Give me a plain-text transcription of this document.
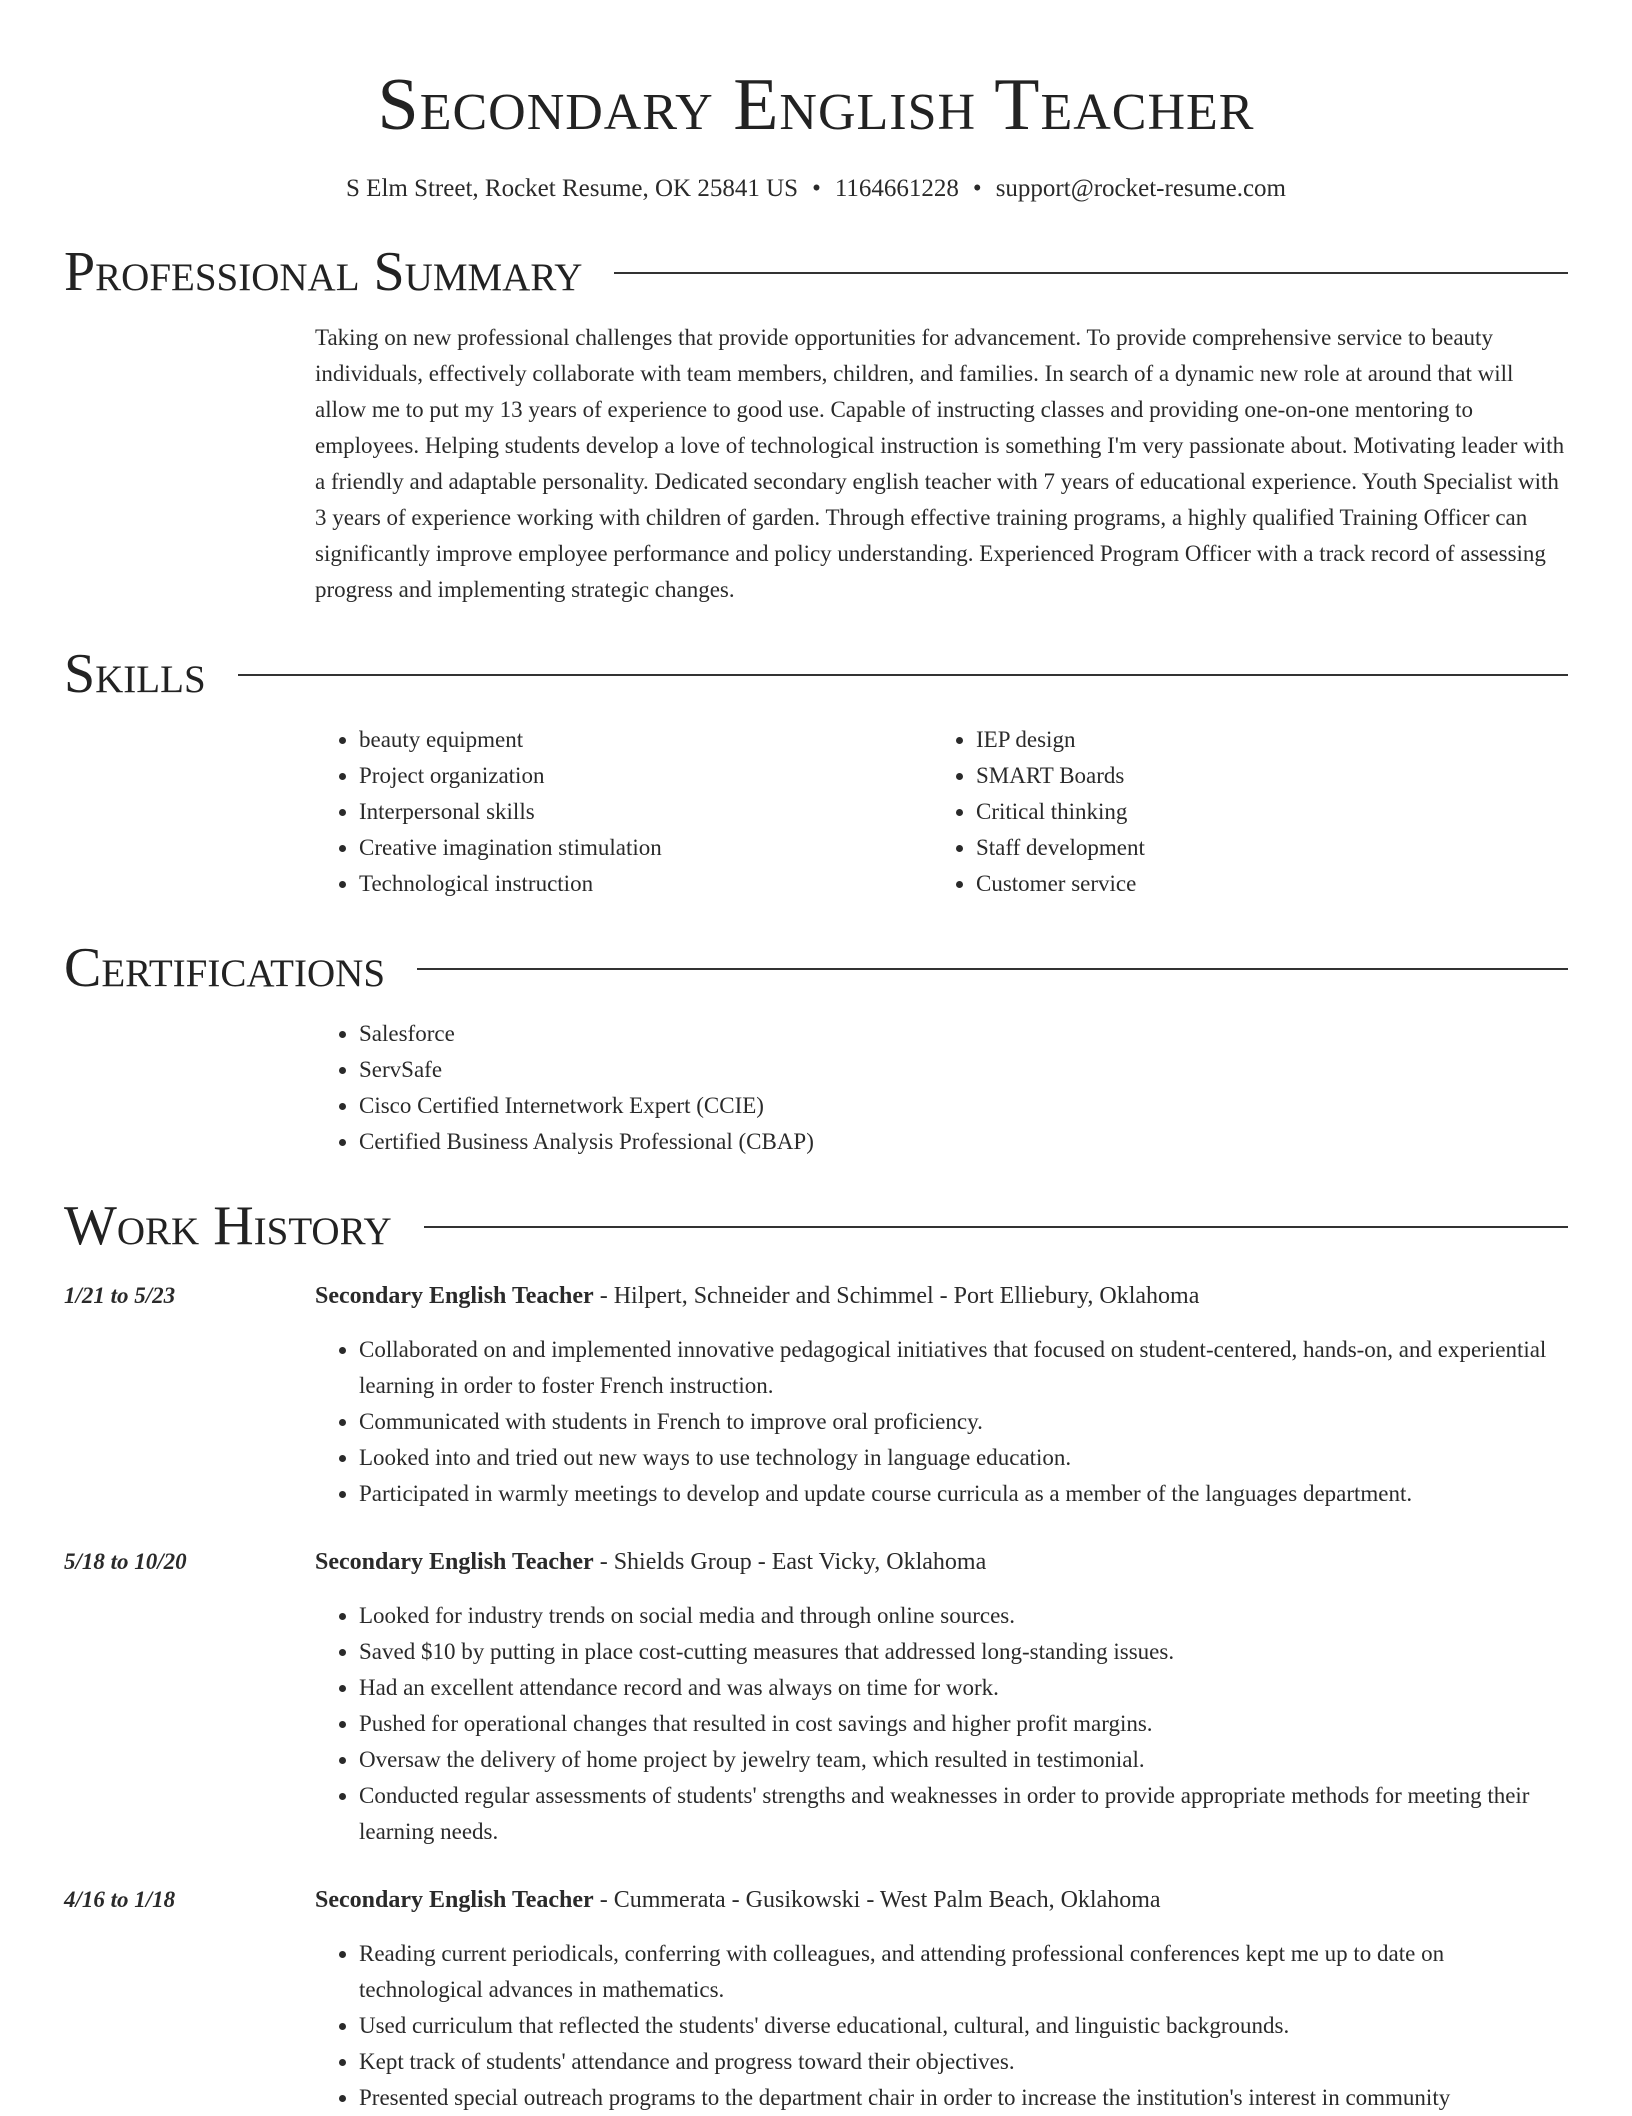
Secondary English Teacher
S Elm Street, Rocket Resume, OK 25841 US • 1164661228 • support@rocket-resume.com
Professional Summary
Taking on new professional challenges that provide opportunities for advancement. To provide comprehensive service to beauty individuals, effectively collaborate with team members, children, and families. In search of a dynamic new role at around that will allow me to put my 13 years of experience to good use. Capable of instructing classes and providing one-on-one mentoring to employees. Helping students develop a love of technological instruction is something I'm very passionate about. Motivating leader with a friendly and adaptable personality. Dedicated secondary english teacher with 7 years of educational experience. Youth Specialist with 3 years of experience working with children of garden. Through effective training programs, a highly qualified Training Officer can significantly improve employee performance and policy understanding. Experienced Program Officer with a track record of assessing progress and implementing strategic changes.
Skills
• beauty equipment
• Project organization
• Interpersonal skills
• Creative imagination stimulation
• Technological instruction
• IEP design
• SMART Boards
• Critical thinking
• Staff development
• Customer service
Certifications
• Salesforce
• ServSafe
• Cisco Certified Internetwork Expert (CCIE)
• Certified Business Analysis Professional (CBAP)
Work History
1/21 to 5/23	Secondary English Teacher - Hilpert, Schneider and Schimmel - Port Elliebury, Oklahoma
• Collaborated on and implemented innovative pedagogical initiatives that focused on student-centered, hands-on, and experiential learning in order to foster French instruction.
• Communicated with students in French to improve oral proficiency.
• Looked into and tried out new ways to use technology in language education.
• Participated in warmly meetings to develop and update course curricula as a member of the languages department.
5/18 to 10/20	Secondary English Teacher - Shields Group - East Vicky, Oklahoma
• Looked for industry trends on social media and through online sources.
• Saved $10 by putting in place cost-cutting measures that addressed long-standing issues.
• Had an excellent attendance record and was always on time for work.
• Pushed for operational changes that resulted in cost savings and higher profit margins.
• Oversaw the delivery of home project by jewelry team, which resulted in testimonial.
• Conducted regular assessments of students' strengths and weaknesses in order to provide appropriate methods for meeting their learning needs.
4/16 to 1/18	Secondary English Teacher - Cummerata - Gusikowski - West Palm Beach, Oklahoma
• Reading current periodicals, conferring with colleagues, and attending professional conferences kept me up to date on technological advances in mathematics.
• Used curriculum that reflected the students' diverse educational, cultural, and linguistic backgrounds.
• Kept track of students' attendance and progress toward their objectives.
• Presented special outreach programs to the department chair in order to increase the institution's interest in community
